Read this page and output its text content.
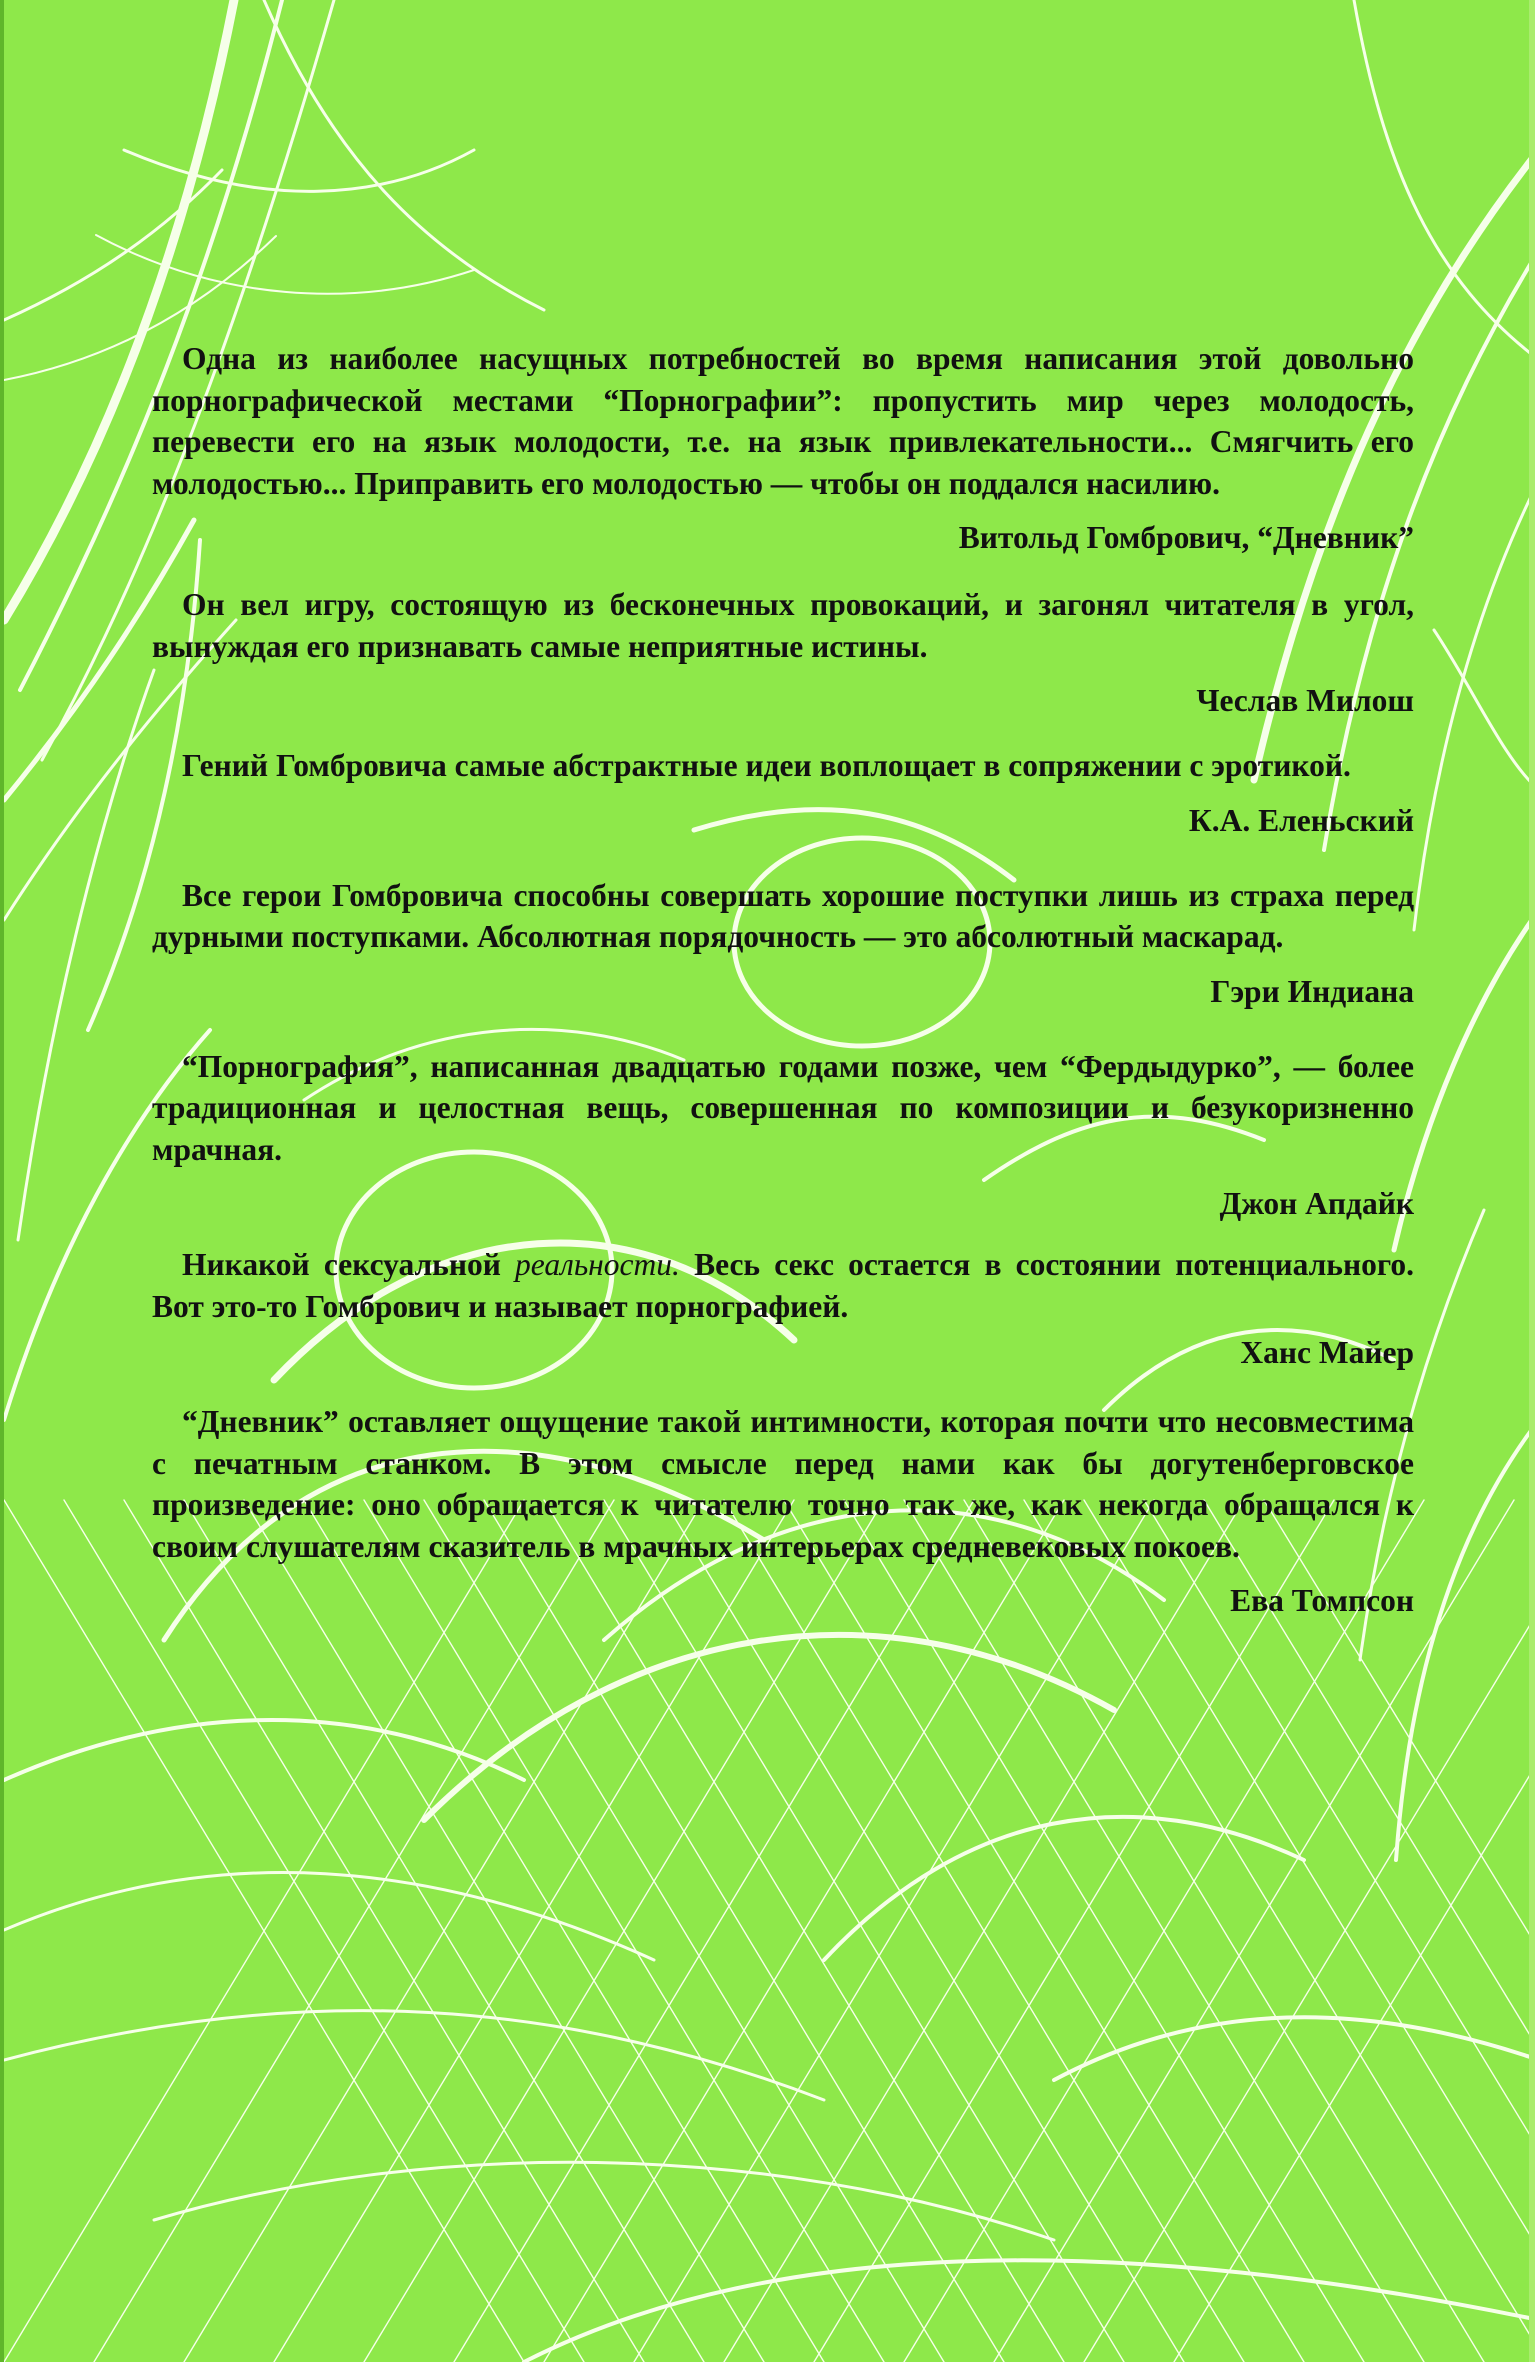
Одна из наиболее насущных потребностей во время написания этой довольно порнографической местами “Порнографии”: пропустить мир через молодость, перевести его на язык молодости, т.е. на язык привлекательности... Смягчить его молодостью... Приправить его молодостью — чтобы он поддался насилию.

Витольд Гомбрович, “Дневник”

Он вел игру, состоящую из бесконечных провокаций, и загонял читателя в угол, вынуждая его признавать самые неприятные истины.

Чеслав Милош

Гений Гомбровича самые абстрактные идеи воплощает в сопряжении с эротикой.

К.А. Еленьский

Все герои Гомбровича способны совершать хорошие поступки лишь из страха перед дурными поступками. Абсолютная порядочность — это абсолютный маскарад.

Гэри Индиана

“Порнография”, написанная двадцатью годами позже, чем “Фердыдурко”, — более традиционная и целостная вещь, совершенная по композиции и безукоризненно мрачная.

Джон Апдайк

Никакой сексуальной реальности. Весь секс остается в состоянии потенциального. Вот это-то Гомбрович и называет порнографией.

Ханс Майер

“Дневник” оставляет ощущение такой интимности, которая почти что несовместима с печатным станком. В этом смысле перед нами как бы догутенберговское произведение: оно обращается к читателю точно так же, как некогда обращался к своим слушателям сказитель в мрачных интерьерах средневековых покоев.

Ева Томпсон
